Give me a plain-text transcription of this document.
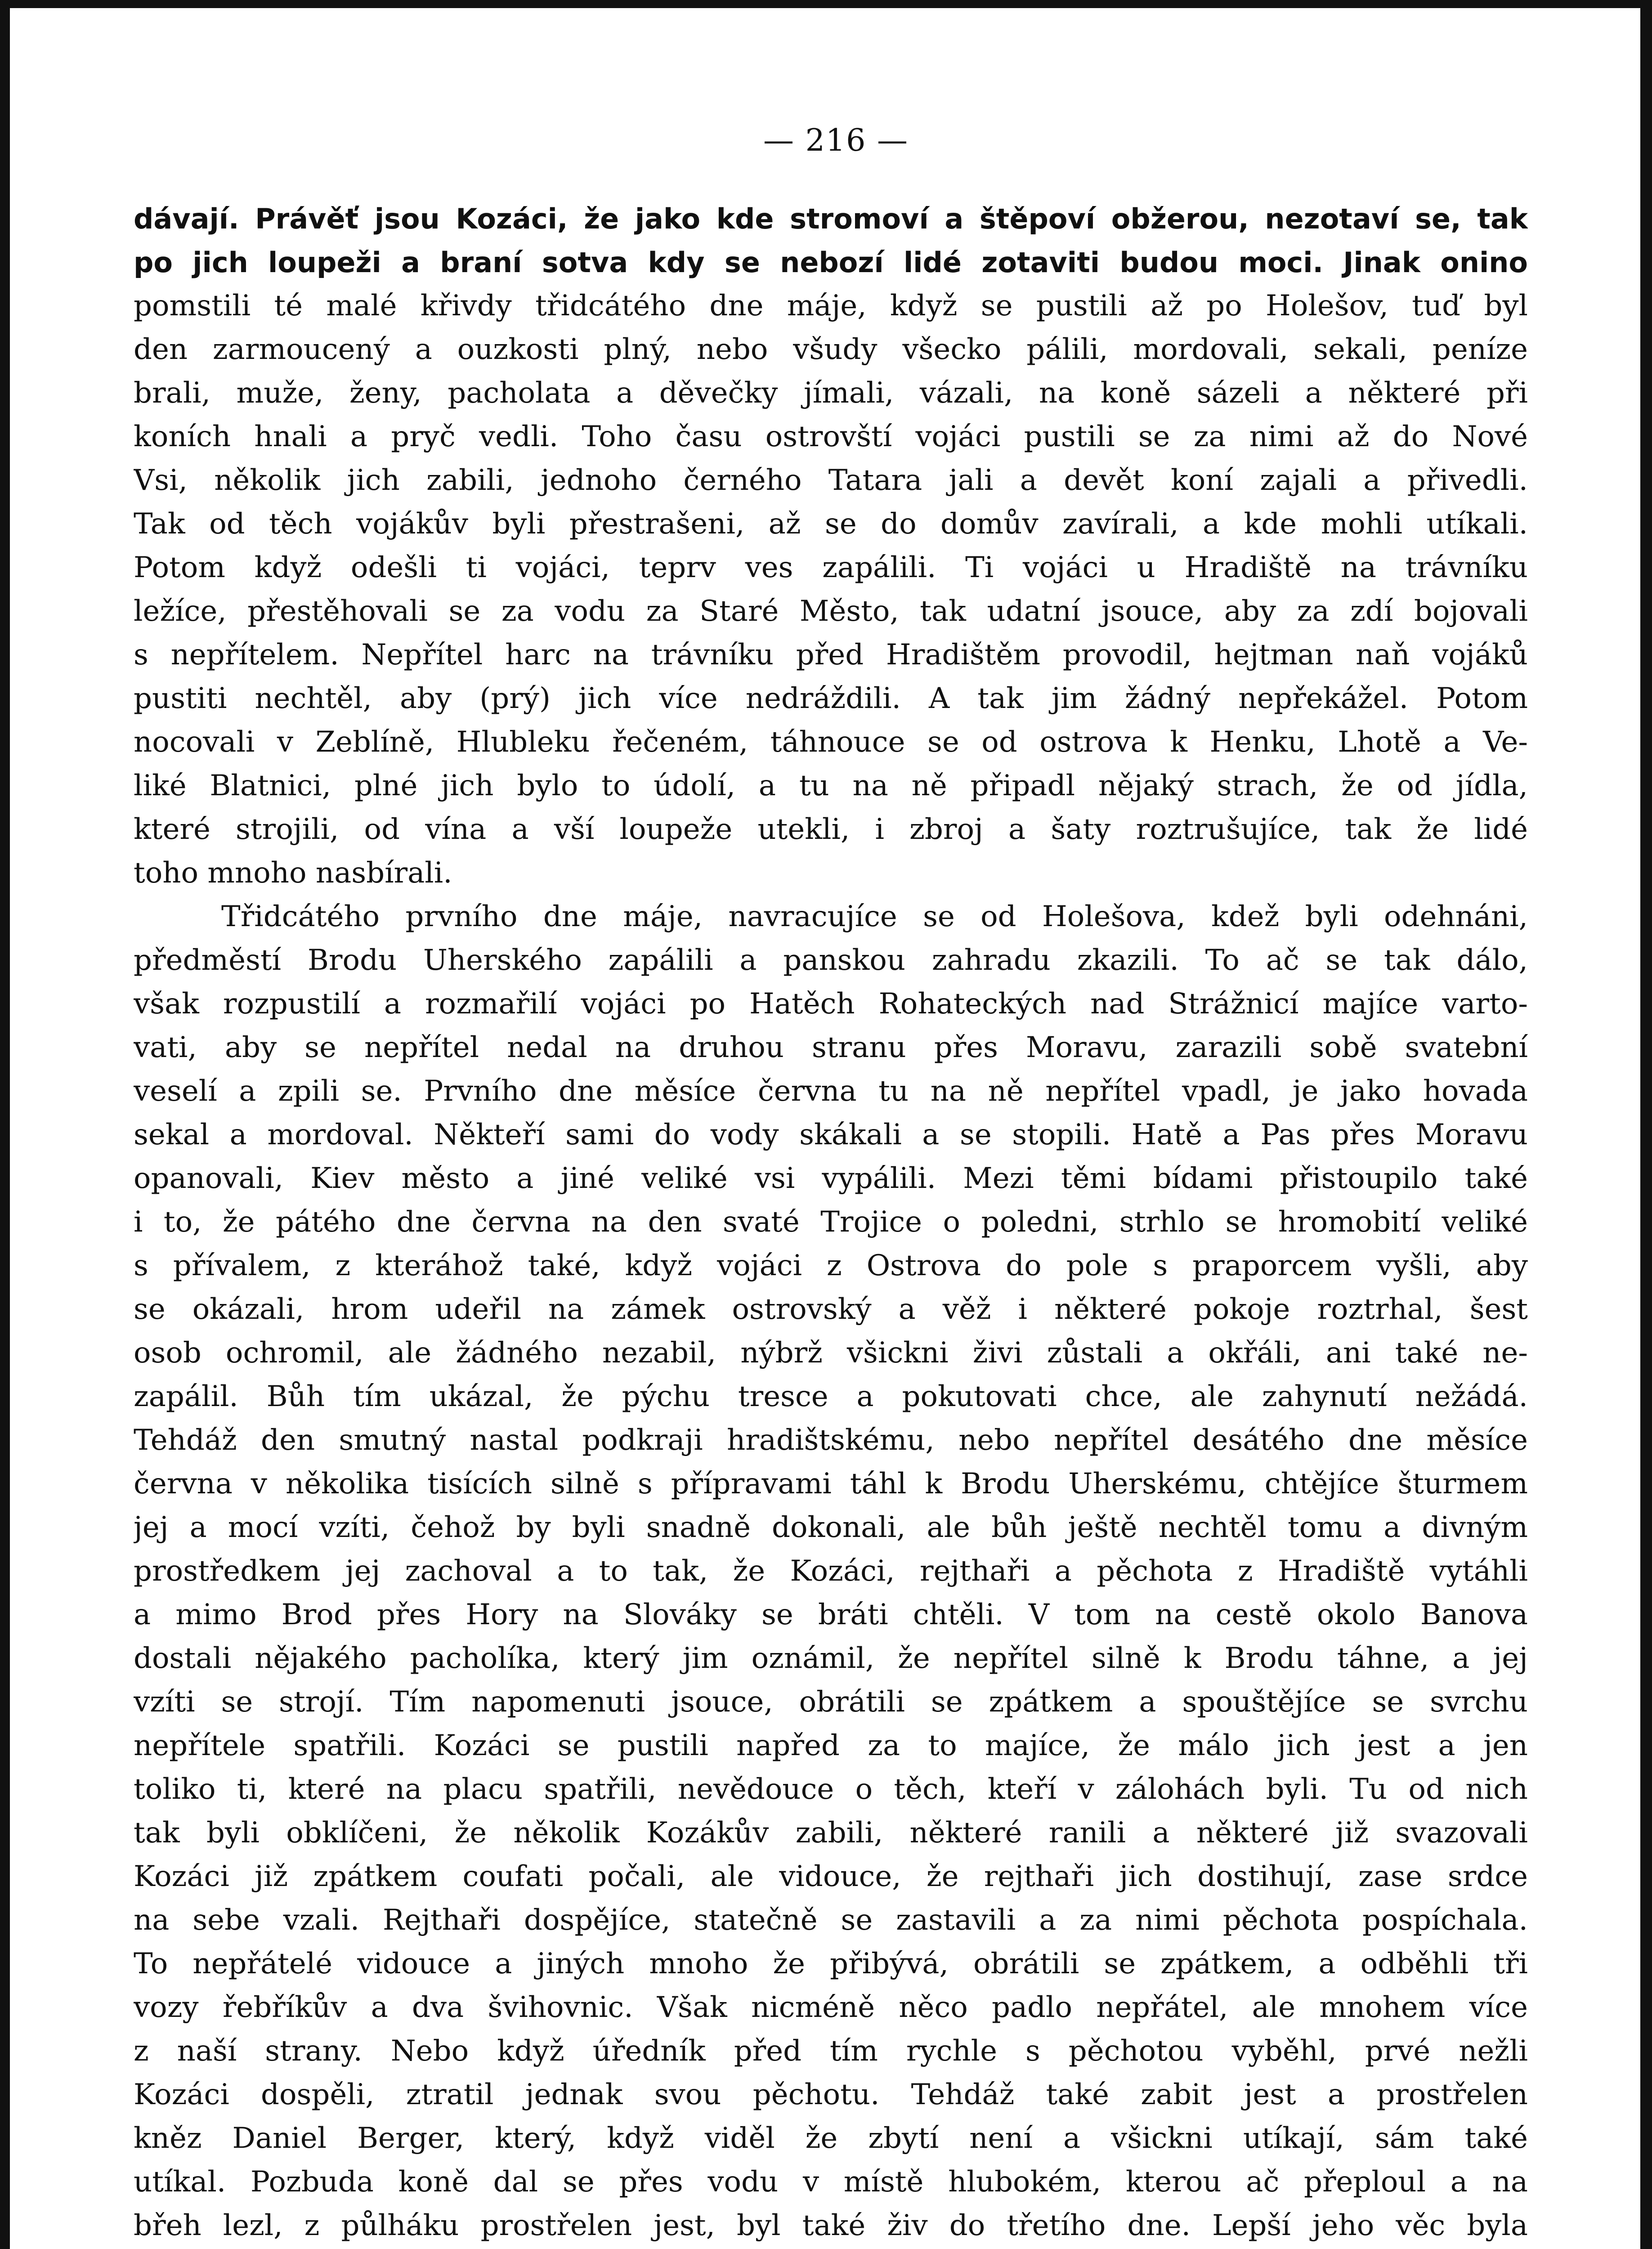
— 216 —
dávají. Právěť jsou Kozáci, že jako kde stromoví a štěpoví obžerou, nezotaví se, tak
po jich loupeži a braní sotva kdy se nebozí lidé zotaviti budou moci. Jinak onino
pomstili té malé křivdy třidcátého dne máje, když se pustili až po Holešov, tuď byl
den zarmoucený a ouzkosti plný, nebo všudy všecko pálili, mordovali, sekali, peníze
brali, muže, ženy, pacholata a děvečky jímali, vázali, na koně sázeli a některé při
koních hnali a pryč vedli. Toho času ostrovští vojáci pustili se za nimi až do Nové
Vsi, několik jich zabili, jednoho černého Tatara jali a devět koní zajali a přivedli.
Tak od těch vojákův byli přestrašeni, až se do domův zavírali, a kde mohli utíkali.
Potom když odešli ti vojáci, teprv ves zapálili. Ti vojáci u Hradiště na trávníku
ležíce, přestěhovali se za vodu za Staré Město, tak udatní jsouce, aby za zdí bojovali
s nepřítelem. Nepřítel harc na trávníku před Hradištěm provodil, hejtman naň vojáků
pustiti nechtěl, aby (prý) jich více nedráždili. A tak jim žádný nepřekážel. Potom
nocovali v Zeblíně, Hlubleku řečeném, táhnouce se od ostrova k Henku, Lhotě a Ve-
liké Blatnici, plné jich bylo to údolí, a tu na ně připadl nějaký strach, že od jídla,
které strojili, od vína a vší loupeže utekli, i zbroj a šaty roztrušujíce, tak že lidé
toho mnoho nasbírali.
Třidcátého prvního dne máje, navracujíce se od Holešova, kdež byli odehnáni,
předměstí Brodu Uherského zapálili a panskou zahradu zkazili. To ač se tak dálo,
však rozpustilí a rozmařilí vojáci po Hatěch Rohateckých nad Strážnicí majíce varto-
vati, aby se nepřítel nedal na druhou stranu přes Moravu, zarazili sobě svatební
veselí a zpili se. Prvního dne měsíce června tu na ně nepřítel vpadl, je jako hovada
sekal a mordoval. Někteří sami do vody skákali a se stopili. Hatě a Pas přes Moravu
opanovali, Kiev město a jiné veliké vsi vypálili. Mezi těmi bídami přistoupilo také
i to, že pátého dne června na den svaté Trojice o poledni, strhlo se hromobití veliké
s přívalem, z kteráhož také, když vojáci z Ostrova do pole s praporcem vyšli, aby
se okázali, hrom udeřil na zámek ostrovský a věž i některé pokoje roztrhal, šest
osob ochromil, ale žádného nezabil, nýbrž všickni živi zůstali a okřáli, ani také ne-
zapálil. Bůh tím ukázal, že pýchu tresce a pokutovati chce, ale zahynutí nežádá.
Tehdáž den smutný nastal podkraji hradištskému, nebo nepřítel desátého dne měsíce
června v několika tisících silně s přípravami táhl k Brodu Uherskému, chtějíce šturmem
jej a mocí vzíti, čehož by byli snadně dokonali, ale bůh ještě nechtěl tomu a divným
prostředkem jej zachoval a to tak, že Kozáci, rejthaři a pěchota z Hradiště vytáhli
a mimo Brod přes Hory na Slováky se bráti chtěli. V tom na cestě okolo Banova
dostali nějakého pacholíka, který jim oznámil, že nepřítel silně k Brodu táhne, a jej
vzíti se strojí. Tím napomenuti jsouce, obrátili se zpátkem a spouštějíce se svrchu
nepřítele spatřili. Kozáci se pustili napřed za to majíce, že málo jich jest a jen
toliko ti, které na placu spatřili, nevědouce o těch, kteří v zálohách byli. Tu od nich
tak byli obklíčeni, že několik Kozákův zabili, některé ranili a některé již svazovali
Kozáci již zpátkem coufati počali, ale vidouce, že rejthaři jich dostihují, zase srdce
na sebe vzali. Rejthaři dospějíce, statečně se zastavili a za nimi pěchota pospíchala.
To nepřátelé vidouce a jiných mnoho že přibývá, obrátili se zpátkem, a odběhli tři
vozy řebříkův a dva švihovnic. Však nicméně něco padlo nepřátel, ale mnohem více
z naší strany. Nebo když úředník před tím rychle s pěchotou vyběhl, prvé nežli
Kozáci dospěli, ztratil jednak svou pěchotu. Tehdáž také zabit jest a prostřelen
kněz Daniel Berger, který, když viděl že zbytí není a všickni utíkají, sám také
utíkal. Pozbuda koně dal se přes vodu v místě hlubokém, kterou ač přeploul a na
břeh lezl, z půlháku prostřelen jest, byl také živ do třetího dne. Lepší jeho věc byla
